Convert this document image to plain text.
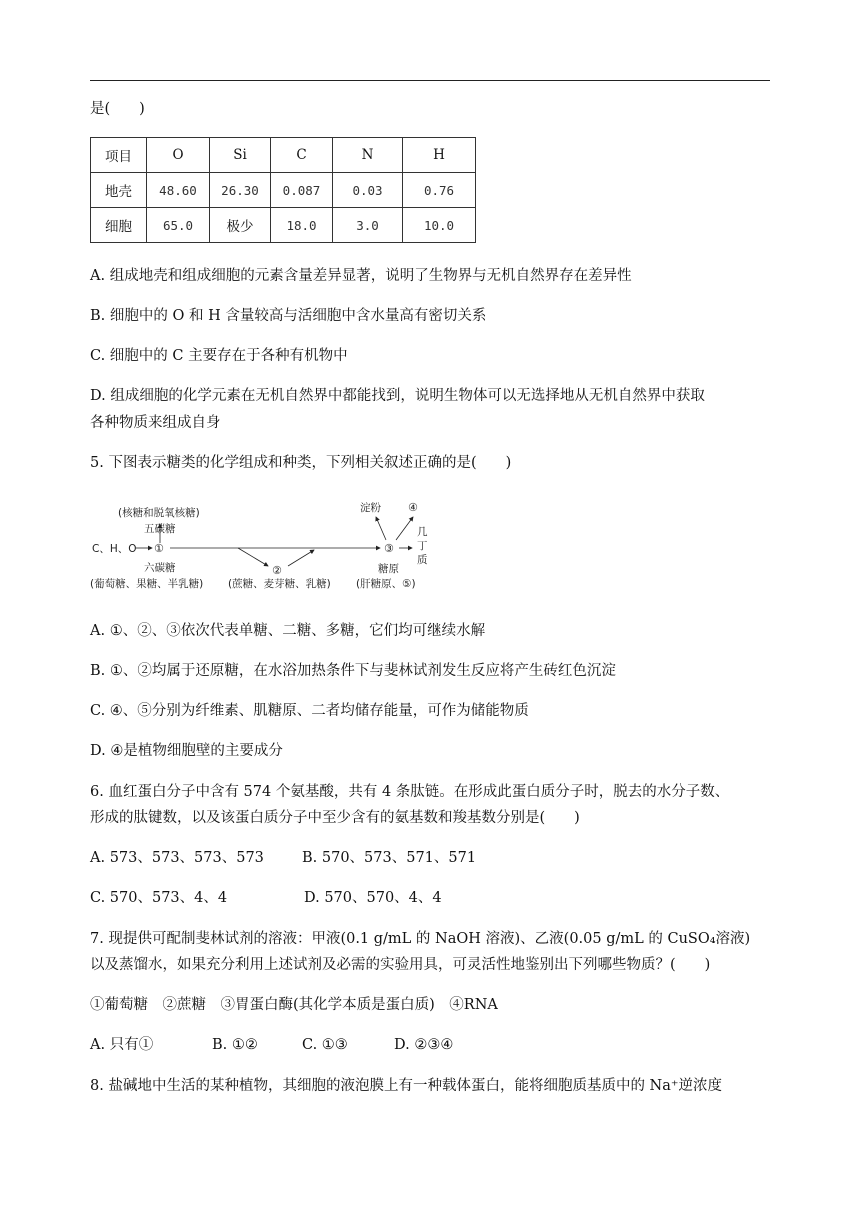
是(　　)
项目	O	Si	C	N	H
地壳	48.60	26.30	0.087	0.03	0.76
细胞	65.0	极少	18.0	3.0	10.0
A. 组成地壳和组成细胞的元素含量差异显著，说明了生物界与无机自然界存在差异性
B. 细胞中的 O 和 H 含量较高与活细胞中含水量高有密切关系
C. 细胞中的 C 主要存在于各种有机物中
D. 组成细胞的化学元素在无机自然界中都能找到，说明生物体可以无选择地从无机自然界中获取
各种物质来组成自身
5. 下图表示糖类的化学组成和种类，下列相关叙述正确的是(　　)
(核糖和脱氧核糖)
五碳糖
C、H、O ①
六碳糖
(葡萄糖、果糖、半乳糖)
②
(蔗糖、麦芽糖、乳糖)
③
淀粉 ④
几 丁 质
糖原
(肝糖原、⑤)
A. ①、②、③依次代表单糖、二糖、多糖，它们均可继续水解
B. ①、②均属于还原糖，在水浴加热条件下与斐林试剂发生反应将产生砖红色沉淀
C. ④、⑤分别为纤维素、肌糖原、二者均储存能量，可作为储能物质
D. ④是植物细胞壁的主要成分
6. 血红蛋白分子中含有 574 个氨基酸，共有 4 条肽链。在形成此蛋白质分子时，脱去的水分子数、
形成的肽键数，以及该蛋白质分子中至少含有的氨基数和羧基数分别是(　　)
A. 573、573、573、573	B. 570、573、571、571
C. 570、573、4、4	D. 570、570、4、4
7. 现提供可配制斐林试剂的溶液：甲液(0.1 g/mL 的 NaOH 溶液)、乙液(0.05 g/mL 的 CuSO₄溶液)
以及蒸馏水，如果充分利用上述试剂及必需的实验用具，可灵活性地鉴别出下列哪些物质？(　　)
①葡萄糖　②蔗糖　③胃蛋白酶(其化学本质是蛋白质)　④RNA
A. 只有①	B. ①②	C. ①③	D. ②③④
8. 盐碱地中生活的某种植物，其细胞的液泡膜上有一种载体蛋白，能将细胞质基质中的 Na⁺逆浓度
